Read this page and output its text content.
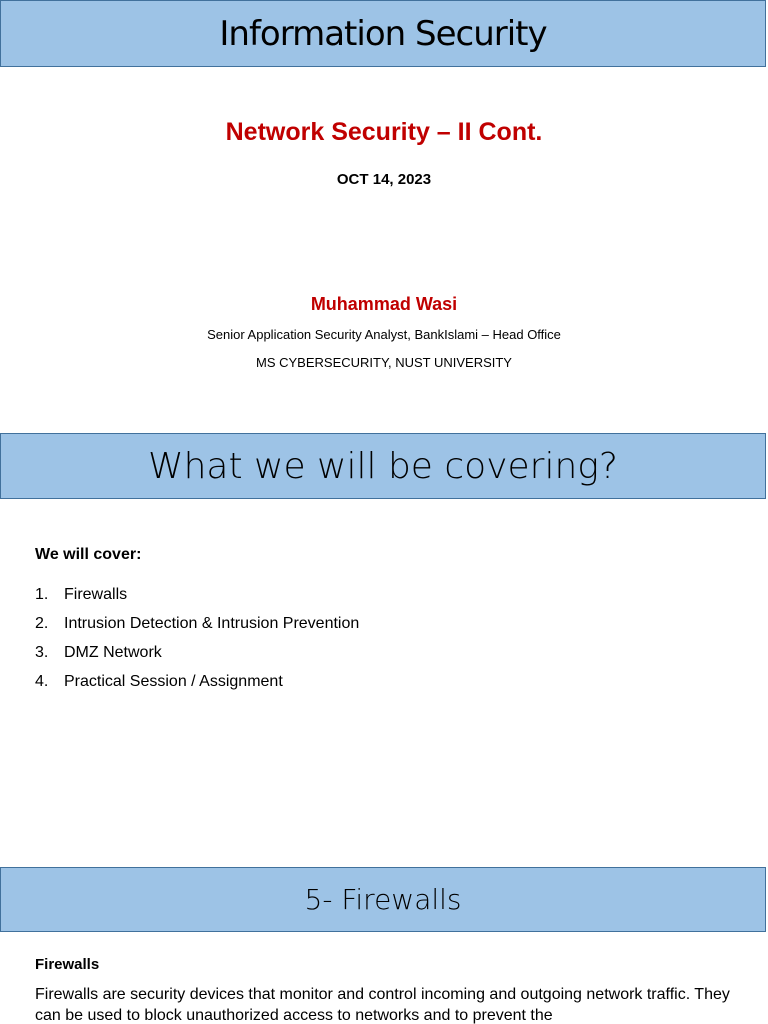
Information Security
Network Security – II Cont.
OCT 14, 2023
Muhammad Wasi
Senior Application Security Analyst, BankIslami – Head Office
MS CYBERSECURITY, NUST UNIVERSITY
What we will be covering?
We will cover:
1. Firewalls
2. Intrusion Detection & Intrusion Prevention
3. DMZ Network
4. Practical Session / Assignment
5- Firewalls
Firewalls
Firewalls are security devices that monitor and control incoming and outgoing network traffic. They can be used to block unauthorized access to networks and to prevent the
